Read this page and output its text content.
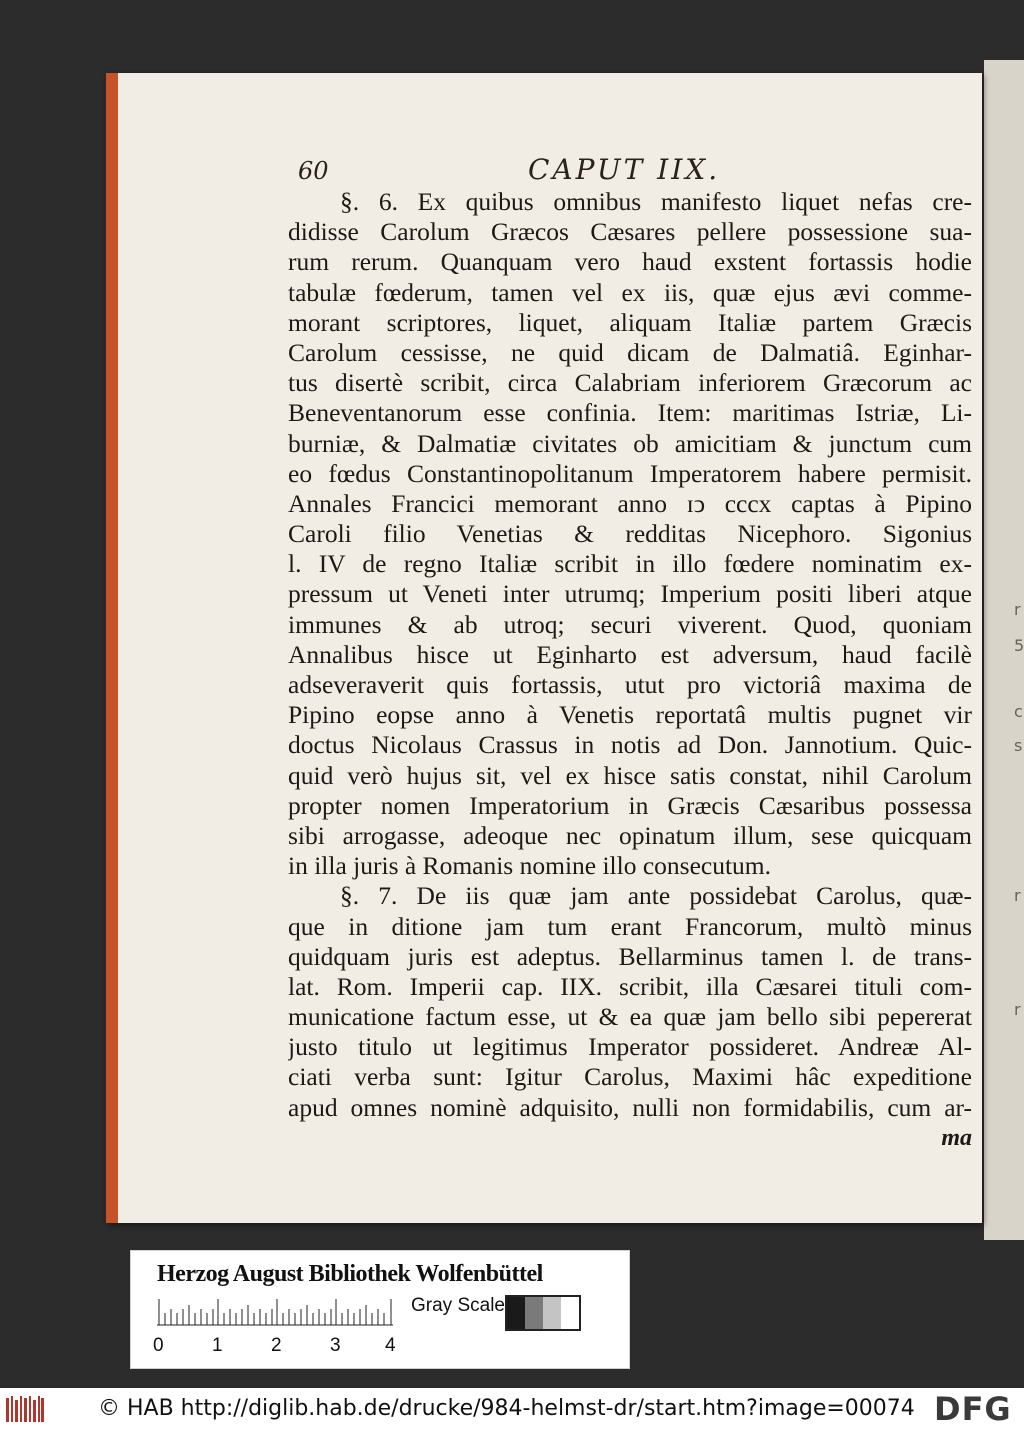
r
5
c
s
r
r
60	CAPUT IIX.
§. 6. Ex quibus omnibus manifesto liquet nefas cre-
didisse Carolum Græcos Cæsares pellere possessione sua-
rum rerum. Quanquam vero haud exstent fortassis hodie
tabulæ fœderum, tamen vel ex iis, quæ ejus ævi comme-
morant scriptores, liquet, aliquam Italiæ partem Græcis
Carolum cessisse, ne quid dicam de Dalmatiâ. Eginhar-
tus disertè scribit, circa Calabriam inferiorem Græcorum ac
Beneventanorum esse confinia. Item: maritimas Istriæ, Li-
burniæ, & Dalmatiæ civitates ob amicitiam & junctum cum
eo fœdus Constantinopolitanum Imperatorem habere permisit.
Annales Francici memorant anno ɪↄ cccx captas à Pipino
Caroli filio Venetias & redditas Nicephoro. Sigonius
l. IV de regno Italiæ scribit in illo fœdere nominatim ex-
pressum ut Veneti inter utrumq; Imperium positi liberi atque
immunes & ab utroq; securi viverent. Quod, quoniam
Annalibus hisce ut Eginharto est adversum, haud facilè
adseveraverit quis fortassis, utut pro victoriâ maxima de
Pipino eopse anno à Venetis reportatâ multis pugnet vir
doctus Nicolaus Crassus in notis ad Don. Jannotium. Quic-
quid verò hujus sit, vel ex hisce satis constat, nihil Carolum
propter nomen Imperatorium in Græcis Cæsaribus possessa
sibi arrogasse, adeoque nec opinatum illum, sese quicquam
in illa juris à Romanis nomine illo consecutum.
§. 7. De iis quæ jam ante possidebat Carolus, quæ-
que in ditione jam tum erant Francorum, multò minus
quidquam juris est adeptus. Bellarminus tamen l. de trans-
lat. Rom. Imperii cap. IIX. scribit, illa Cæsarei tituli com-
municatione factum esse, ut & ea quæ jam bello sibi pepererat
justo titulo ut legitimus Imperator possideret. Andreæ Al-
ciati verba sunt: Igitur Carolus, Maximi hâc expeditione
apud omnes nominè adquisito, nulli non formidabilis, cum ar-
ma
Herzog August Bibliothek Wolfenbüttel
0	1	2	3 4
Gray Scale
© HAB http://diglib.hab.de/drucke/984-helmst-dr/start.htm?image=00074 DFG
